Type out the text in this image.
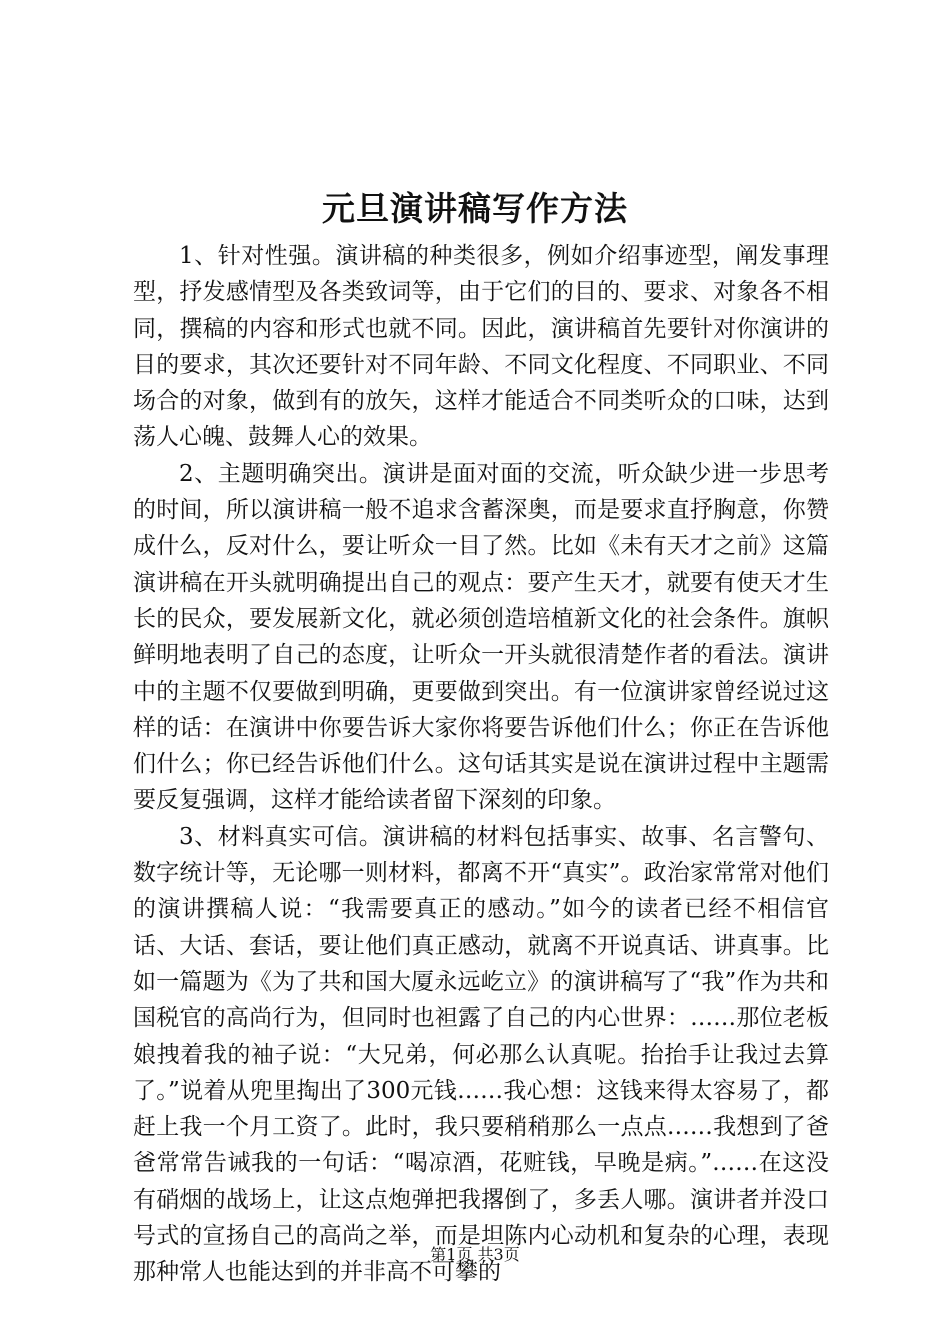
元旦演讲稿写作方法

1、针对性强。演讲稿的种类很多，例如介绍事迹型，阐发事理型，抒发感情型及各类致词等，由于它们的目的、要求、对象各不相同，撰稿的内容和形式也就不同。因此，演讲稿首先要针对你演讲的目的要求，其次还要针对不同年龄、不同文化程度、不同职业、不同场合的对象，做到有的放矢，这样才能适合不同类听众的口味，达到荡人心魄、鼓舞人心的效果。

2、主题明确突出。演讲是面对面的交流，听众缺少进一步思考的时间，所以演讲稿一般不追求含蓄深奥，而是要求直抒胸意，你赞成什么，反对什么，要让听众一目了然。比如《未有天才之前》这篇演讲稿在开头就明确提出自己的观点：要产生天才，就要有使天才生长的民众，要发展新文化，就必须创造培植新文化的社会条件。旗帜鲜明地表明了自己的态度，让听众一开头就很清楚作者的看法。演讲中的主题不仅要做到明确，更要做到突出。有一位演讲家曾经说过这样的话：在演讲中你要告诉大家你将要告诉他们什么；你正在告诉他们什么；你已经告诉他们什么。这句话其实是说在演讲过程中主题需要反复强调，这样才能给读者留下深刻的印象。

3、材料真实可信。演讲稿的材料包括事实、故事、名言警句、数字统计等，无论哪一则材料，都离不开“真实”。政治家常常对他们的演讲撰稿人说：“我需要真正的感动。”如今的读者已经不相信官话、大话、套话，要让他们真正感动，就离不开说真话、讲真事。比如一篇题为《为了共和国大厦永远屹立》的演讲稿写了“我”作为共和国税官的高尚行为，但同时也袒露了自己的内心世界：……那位老板娘拽着我的袖子说：“大兄弟，何必那么认真呢。抬抬手让我过去算了。”说着从兜里掏出了300元钱……我心想：这钱来得太容易了，都赶上我一个月工资了。此时，我只要稍稍那么一点点……我想到了爸爸常常告诫我的一句话：“喝凉酒，花赃钱，早晚是病。”……在这没有硝烟的战场上，让这点炮弹把我撂倒了，多丢人哪。演讲者并没口号式的宣扬自己的高尚之举，而是坦陈内心动机和复杂的心理，表现那种常人也能达到的并非高不可攀的

第1页 共3页
